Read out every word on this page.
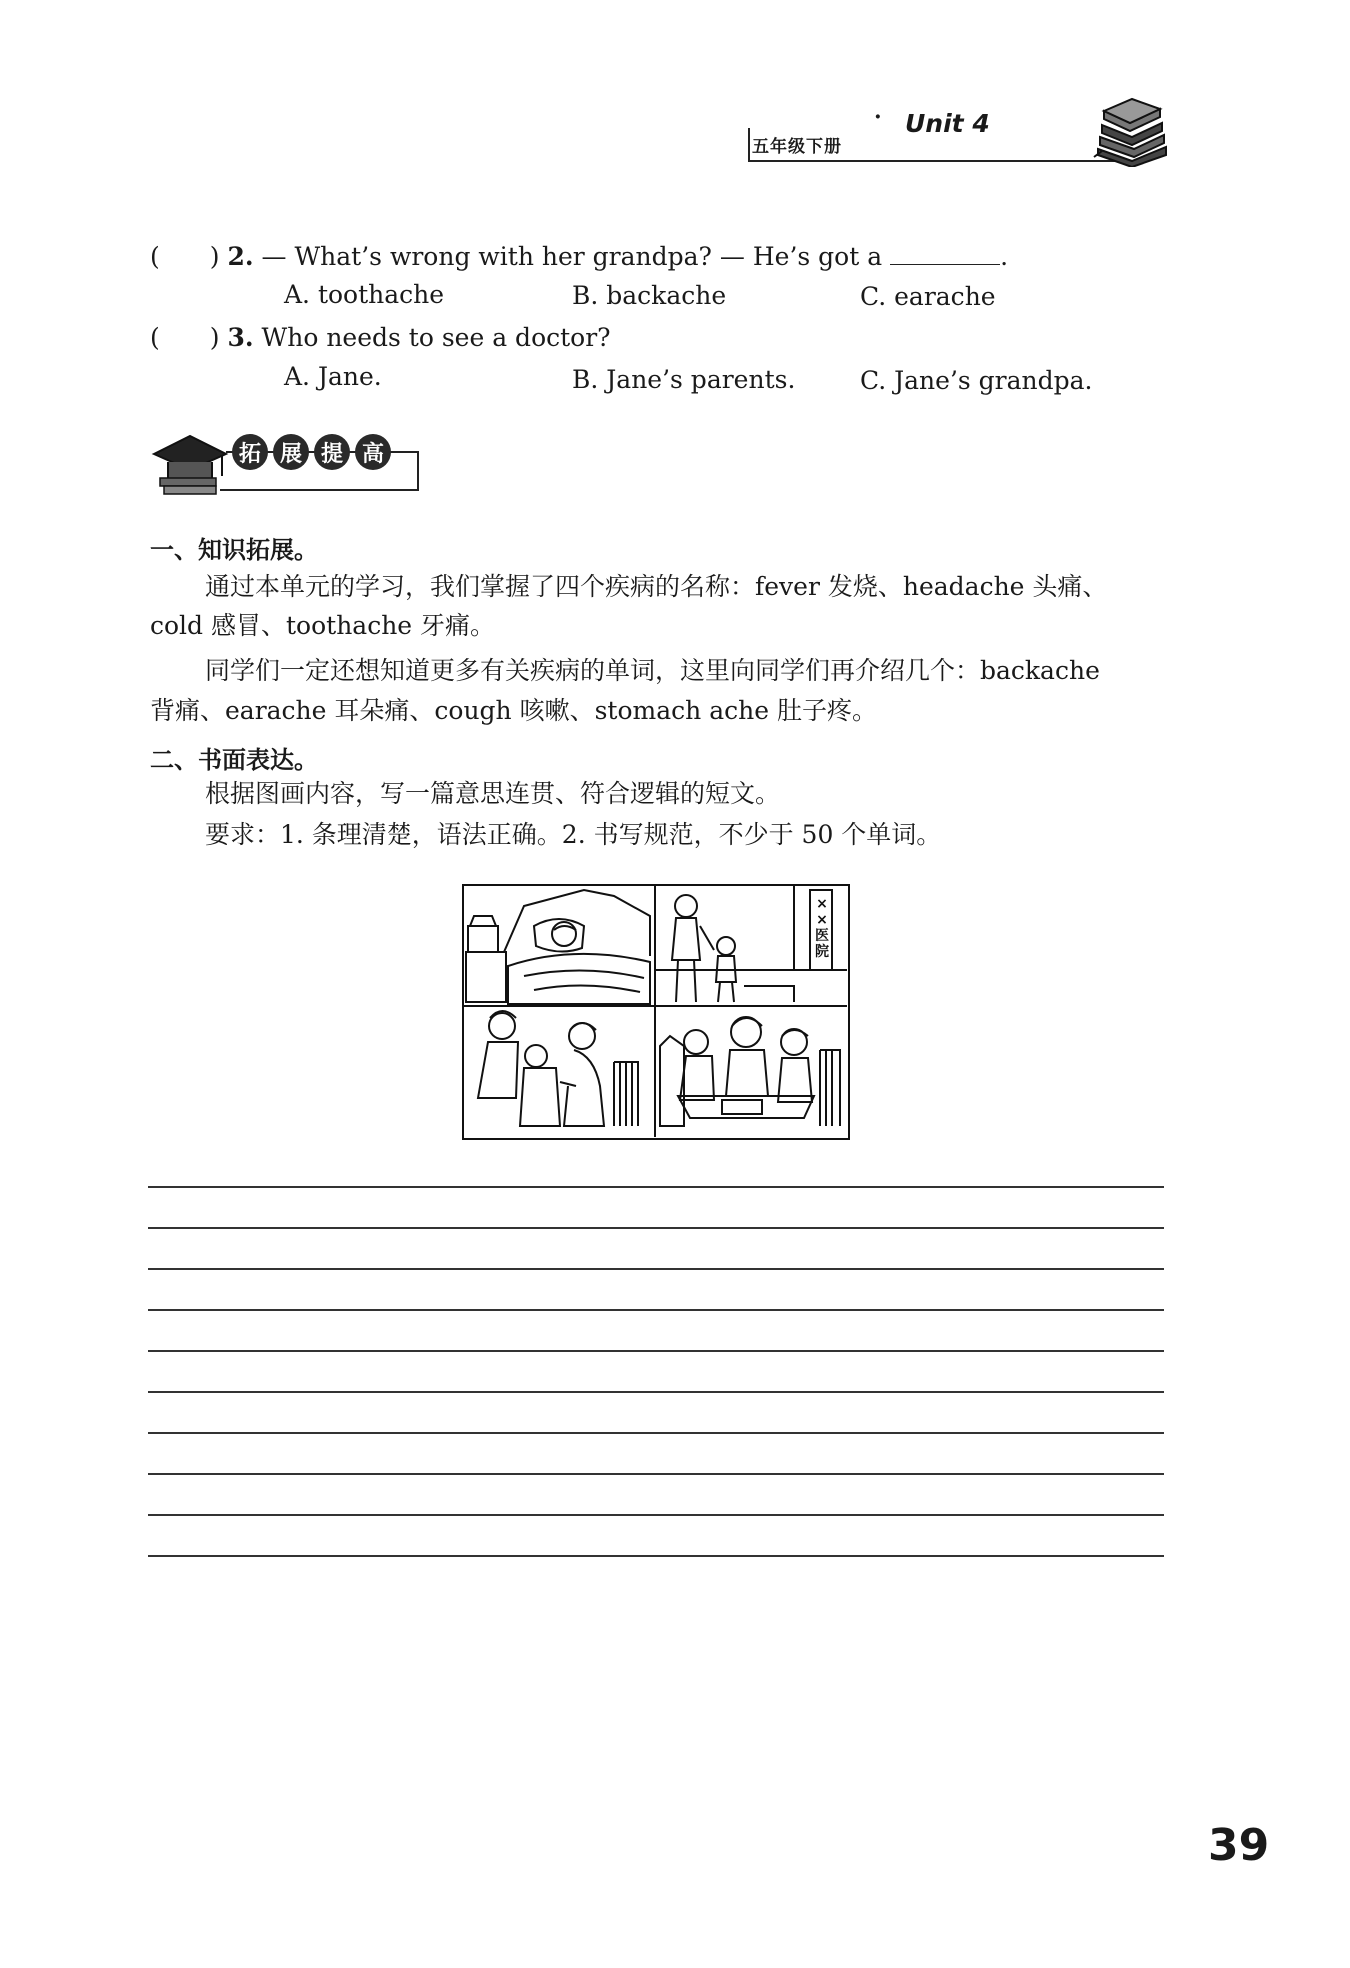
五年级下册
· Unit 4
(　　) 2. — What’s wrong with her grandpa? — He’s got a	.
A. toothache	B. backache	C. earache
(　　) 3. Who needs to see a doctor?
A. Jane.	B. Jane’s parents.	C. Jane’s grandpa.
拓 展 提 高
一、知识拓展。
通过本单元的学习，我们掌握了四个疾病的名称：fever 发烧、headache 头痛、
cold 感冒、toothache 牙痛。
同学们一定还想知道更多有关疾病的单词，这里向同学们再介绍几个：backache
背痛、earache 耳朵痛、cough 咳嗽、stomach ache 肚子疼。
二、书面表达。
根据图画内容，写一篇意思连贯、符合逻辑的短文。
要求：1. 条理清楚，语法正确。2. 书写规范，不少于 50 个单词。
××医院
39
